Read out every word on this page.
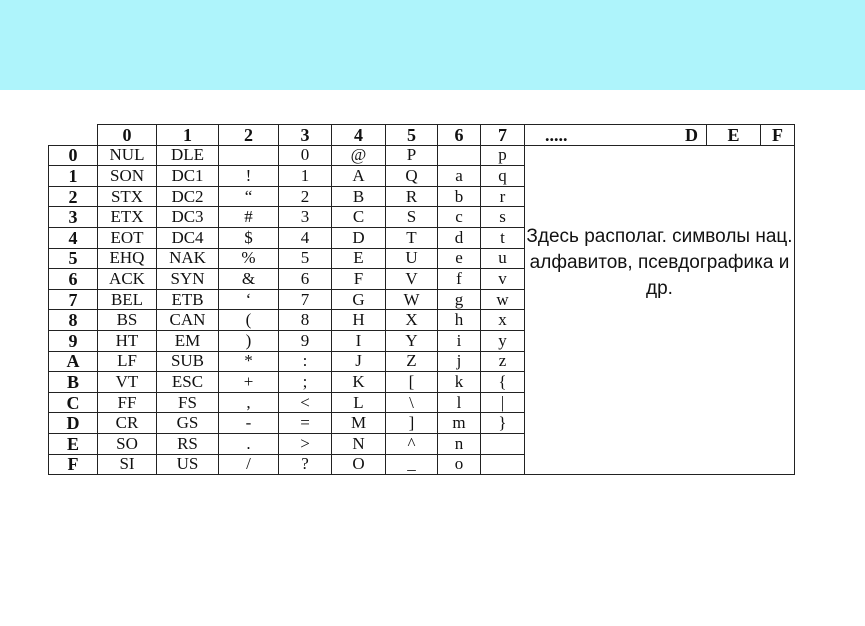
	0	1	2	3	4	5	6	7	.....	D	E	F
0	NUL	DLE		0	@	P		p	Здесь располаг. символы нац. алфавитов, псевдографика и др.			
1	SON	DC1	!	1	A	Q	a	q				
2	STX	DC2	“	2	B	R	b	r				
3	ETX	DC3	#	3	C	S	c	s				
4	EOT	DC4	$	4	D	T	d	t				
5	EHQ	NAK	%	5	E	U	e	u				
6	ACK	SYN	&	6	F	V	f	v				
7	BEL	ETB	‘	7	G	W	g	w				
8	BS	CAN	(	8	H	X	h	x				
9	HT	EM	)	9	I	Y	i	y				
A	LF	SUB	*	:	J	Z	j	z				
B	VT	ESC	+	;	K	[	k	{				
C	FF	FS	,	<	L	\	l	|				
D	CR	GS	-	=	M	]	m	}				
E	SO	RS	.	>	N	^	n					
F	SI	US	/	?	O	_	o					
